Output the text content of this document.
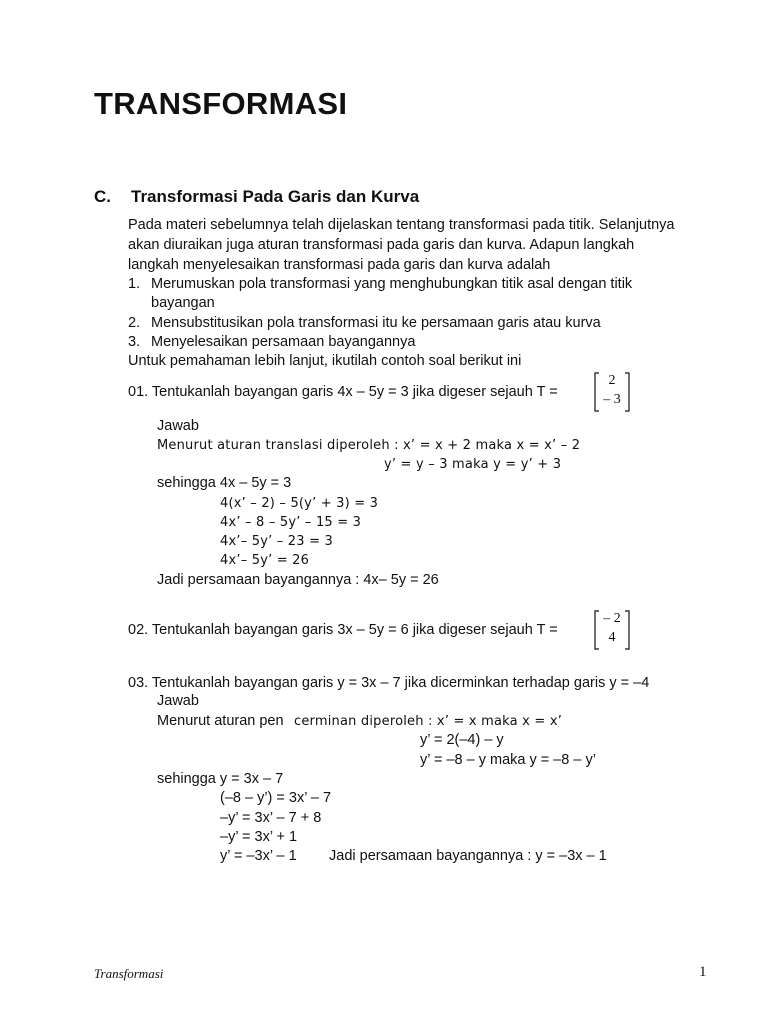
TRANSFORMASI
C. Transformasi Pada Garis dan Kurva
Pada materi sebelumnya telah dijelaskan tentang transformasi pada titik. Selanjutnya
akan diuraikan juga aturan transformasi pada garis dan kurva. Adapun langkah
langkah menyelesaikan transformasi pada garis dan kurva adalah
1. Merumuskan pola transformasi yang menghubungkan titik asal dengan titik
bayangan
2. Mensubstitusikan pola transformasi itu ke persamaan garis atau kurva
3. Menyelesaikan persamaan bayangannya
Untuk pemahaman lebih lanjut, ikutilah contoh soal berikut ini
01. Tentukanlah bayangan garis 4x – 5y = 3 jika digeser sejauh T =
2
– 3
Jawab
Menurut aturan translasi diperoleh : x’ = x + 2 maka x = x’ – 2
y’ = y – 3 maka y = y’ + 3
sehingga 4x – 5y = 3
4(x’ – 2) – 5(y’ + 3) = 3
4x’ – 8 – 5y’ – 15 = 3
4x’– 5y’ – 23 = 3
4x’– 5y’ = 26
Jadi persamaan bayangannya : 4x– 5y = 26
02. Tentukanlah bayangan garis 3x – 5y = 6 jika digeser sejauh T =
– 2
4
03. Tentukanlah bayangan garis y = 3x – 7 jika dicerminkan terhadap garis y = –4
Jawab
Menurut aturan pen cerminan diperoleh : x’ = x maka x = x’
y’ = 2(–4) – y
y’ = –8 – y maka y = –8 – y’
sehingga y = 3x – 7
(–8 – y’) = 3x’ – 7
–y’ = 3x’ – 7 + 8
–y’ = 3x’ + 1
y’ = –3x’ – 1 Jadi persamaan bayangannya : y = –3x – 1
Transformasi	1
